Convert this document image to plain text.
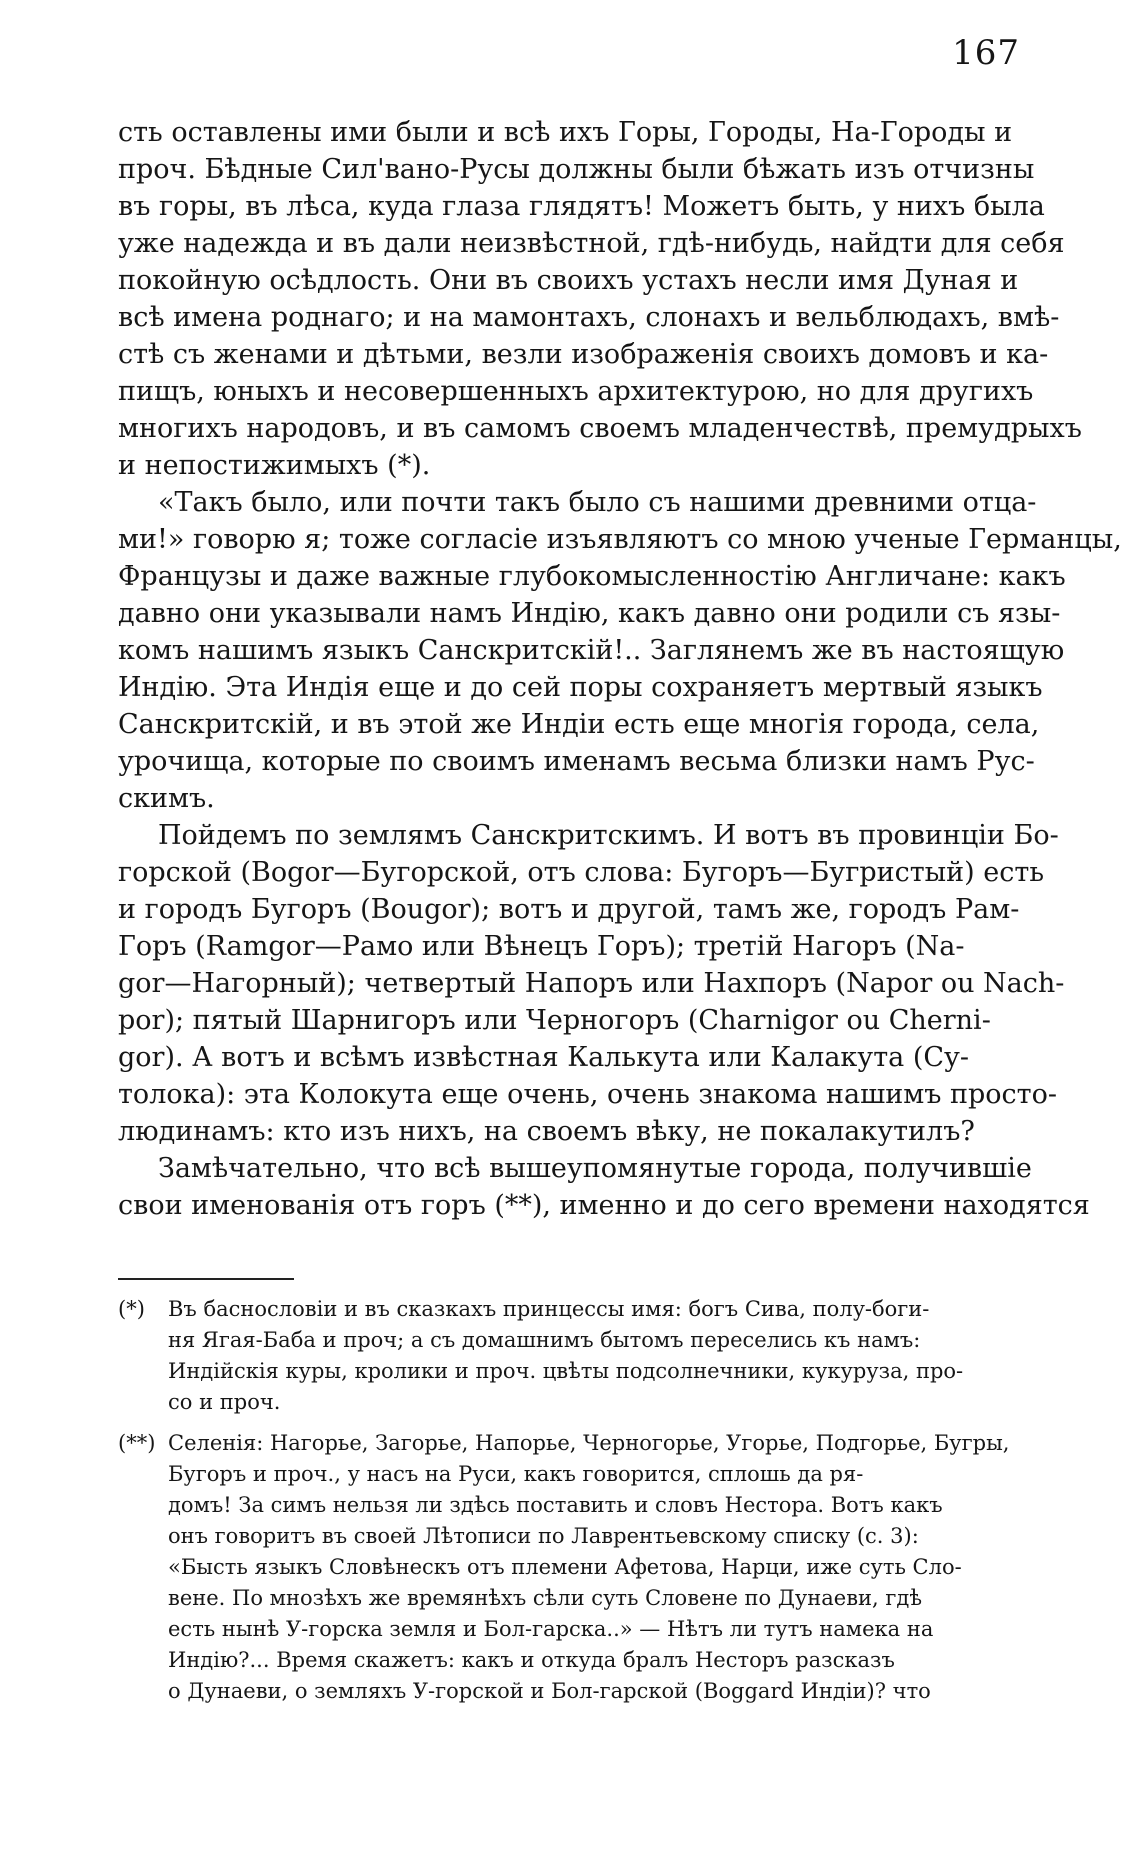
167
сть оставлены ими были и всѣ ихъ Горы, Городы, На-Городы и
проч. Бѣдные Сил'вано-Русы должны были бѣжать изъ отчизны
въ горы, въ лѣса, куда глаза глядятъ! Можетъ быть, у нихъ была
уже надежда и въ дали неизвѣстной, гдѣ-нибудь, найдти для себя
покойную осѣдлость. Они въ своихъ устахъ несли имя Дуная и
всѣ имена роднаго; и на мамонтахъ, слонахъ и вельблюдахъ, вмѣ-
стѣ съ женами и дѣтьми, везли изображенія своихъ домовъ и ка-
пищъ, юныхъ и несовершенныхъ архитектурою, но для другихъ
многихъ народовъ, и въ самомъ своемъ младенчествѣ, премудрыхъ
и непостижимыхъ (*).
«Такъ было, или почти такъ было съ нашими древними отца-
ми!» говорю я; тоже согласіе изъявляютъ со мною ученые Германцы,
Французы и даже важные глубокомысленностію Англичане: какъ
давно они указывали намъ Индію, какъ давно они родили съ язы-
комъ нашимъ языкъ Санскритскій!.. Заглянемъ же въ настоящую
Индію. Эта Индія еще и до сей поры сохраняетъ мертвый языкъ
Санскритскій, и въ этой же Индіи есть еще многія города, села,
урочища, которые по своимъ именамъ весьма близки намъ Рус-
скимъ.
Пойдемъ по землямъ Санскритскимъ. И вотъ въ провинціи Бо-
горской (Bogor—Бугорской, отъ слова: Бугоръ—Бугристый) есть
и городъ Бугоръ (Bougor); вотъ и другой, тамъ же, городъ Рам-
Горъ (Ramgor—Рамо или Вѣнецъ Горъ); третій Нагоръ (Na-
gor—Нагорный); четвертый Напоръ или Нахпоръ (Napor ou Nach-
por); пятый Шарнигоръ или Черногоръ (Charnigor ou Cherni-
gor). А вотъ и всѣмъ извѣстная Калькута или Калакута (Су-
толока): эта Колокута еще очень, очень знакома нашимъ просто-
людинамъ: кто изъ нихъ, на своемъ вѣку, не покалакутилъ?
Замѣчательно, что всѣ вышеупомянутые города, получившіе
свои именованія отъ горъ (**), именно и до сего времени находятся
(*) Въ баснословіи и въ сказкахъ принцессы имя: богъ Сива, полу-боги-
ня Ягая-Баба и проч; а съ домашнимъ бытомъ переселись къ намъ:
Индійскія куры, кролики и проч. цвѣты подсолнечники, кукуруза, про-
со и проч.
(**) Селенія: Нагорье, Загорье, Напорье, Черногорье, Угорье, Подгорье, Бугры,
Бугоръ и проч., у насъ на Руси, какъ говорится, сплошь да ря-
домъ! За симъ нельзя ли здѣсь поставить и словъ Нестора. Вотъ какъ
онъ говоритъ въ своей Лѣтописи по Лаврентьевскому списку (с. 3):
«Бысть языкъ Словѣнескъ отъ племени Афетова, Нарци, иже суть Сло-
вене. По мнозѣхъ же времянѣхъ сѣли суть Словене по Дунаеви, гдѣ
есть нынѣ У-горска земля и Бол-гарска..» — Нѣтъ ли тутъ намека на
Индію?... Время скажетъ: какъ и откуда бралъ Несторъ разсказъ
о Дунаеви, о земляхъ У-горской и Бол-гарской (Boggard Индіи)? что
